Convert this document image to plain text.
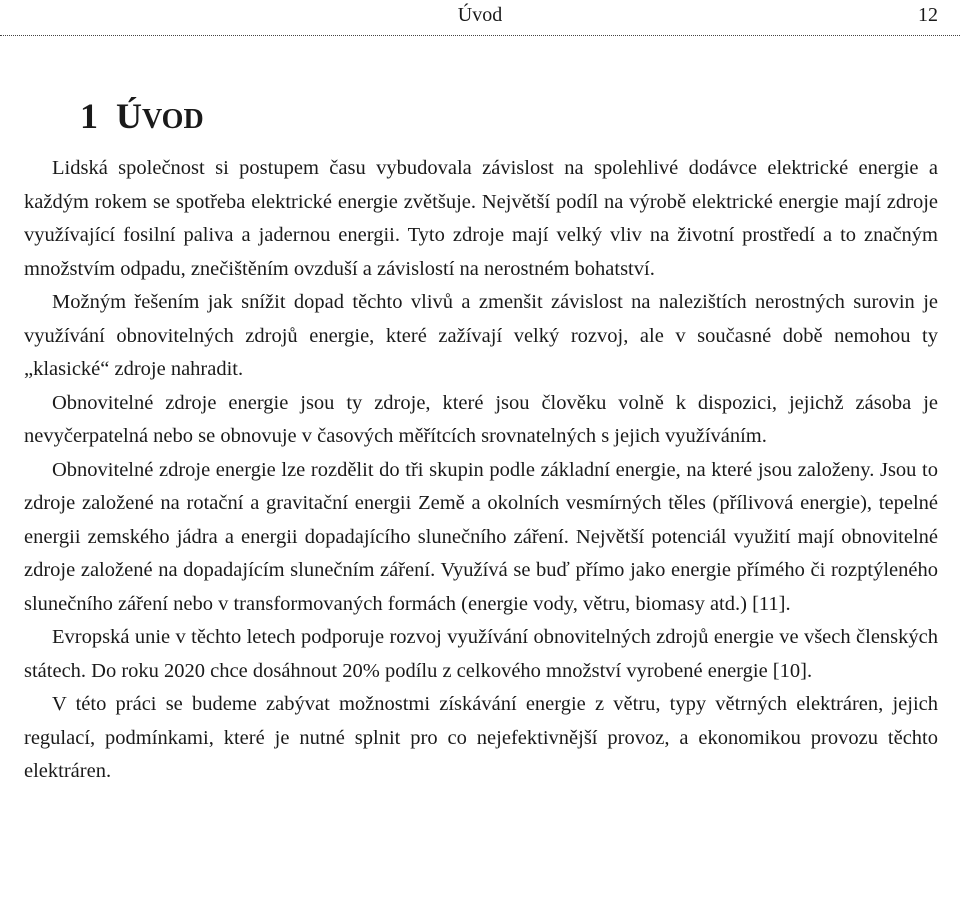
Úvod	12
1 ÚVOD

Lidská společnost si postupem času vybudovala závislost na spolehlivé dodávce elektrické energie a každým rokem se spotřeba elektrické energie zvětšuje. Největší podíl na výrobě elektrické energie mají zdroje využívající fosilní paliva a jadernou energii. Tyto zdroje mají velký vliv na životní prostředí a to značným množstvím odpadu, znečištěním ovzduší a závislostí na nerostném bohatství.

Možným řešením jak snížit dopad těchto vlivů a zmenšit závislost na nalezištích nerostných surovin je využívání obnovitelných zdrojů energie, které zažívají velký rozvoj, ale v současné době nemohou ty „klasické“ zdroje nahradit.

Obnovitelné zdroje energie jsou ty zdroje, které jsou člověku volně k dispozici, jejichž zásoba je nevyčerpatelná nebo se obnovuje v časových měřítcích srovnatelných s jejich využíváním.

Obnovitelné zdroje energie lze rozdělit do tři skupin podle základní energie, na které jsou založeny. Jsou to zdroje založené na rotační a gravitační energii Země a okolních vesmírných těles (přílivová energie), tepelné energii zemského jádra a energii dopadajícího slunečního záření. Největší potenciál využití mají obnovitelné zdroje založené na dopadajícím slunečním záření. Využívá se buď přímo jako energie přímého či rozptýleného slunečního záření nebo v transformovaných formách (energie vody, větru, biomasy atd.) [11].

Evropská unie v těchto letech podporuje rozvoj využívání obnovitelných zdrojů energie ve všech členských státech. Do roku 2020 chce dosáhnout 20% podílu z celkového množství vyrobené energie [10].

V této práci se budeme zabývat možnostmi získávání energie z větru, typy větrných elektráren, jejich regulací, podmínkami, které je nutné splnit pro co nejefektivnější provoz, a ekonomikou provozu těchto elektráren.
